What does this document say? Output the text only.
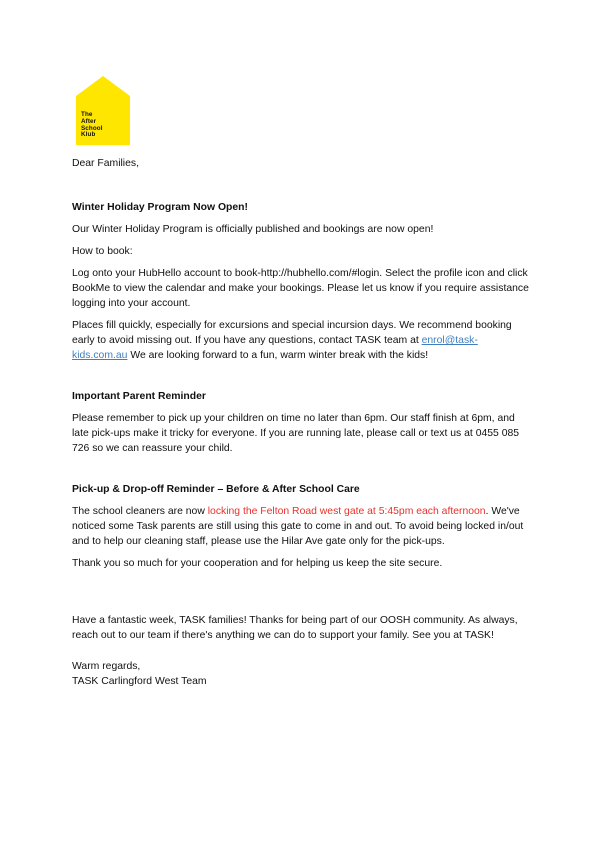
The
After
School
Klub

Dear Families,

Winter Holiday Program Now Open!

Our Winter Holiday Program is officially published and bookings are now open!

How to book:

Log onto your HubHello account to book-http://hubhello.com/#login. Select the profile icon and click BookMe to view the calendar and make your bookings. Please let us know if you require assistance logging into your account.

Places fill quickly, especially for excursions and special incursion days. We recommend booking early to avoid missing out. If you have any questions, contact TASK team at enrol@task-kids.com.au We are looking forward to a fun, warm winter break with the kids!

Important Parent Reminder

Please remember to pick up your children on time no later than 6pm. Our staff finish at 6pm, and late pick-ups make it tricky for everyone. If you are running late, please call or text us at 0455 085 726 so we can reassure your child.

Pick-up & Drop-off Reminder – Before & After School Care

The school cleaners are now locking the Felton Road west gate at 5:45pm each afternoon. We've noticed some Task parents are still using this gate to come in and out. To avoid being locked in/out and to help our cleaning staff, please use the Hilar Ave gate only for the pick-ups.

Thank you so much for your cooperation and for helping us keep the site secure.

Have a fantastic week, TASK families! Thanks for being part of our OOSH community. As always, reach out to our team if there's anything we can do to support your family. See you at TASK!

Warm regards,

TASK Carlingford West Team
